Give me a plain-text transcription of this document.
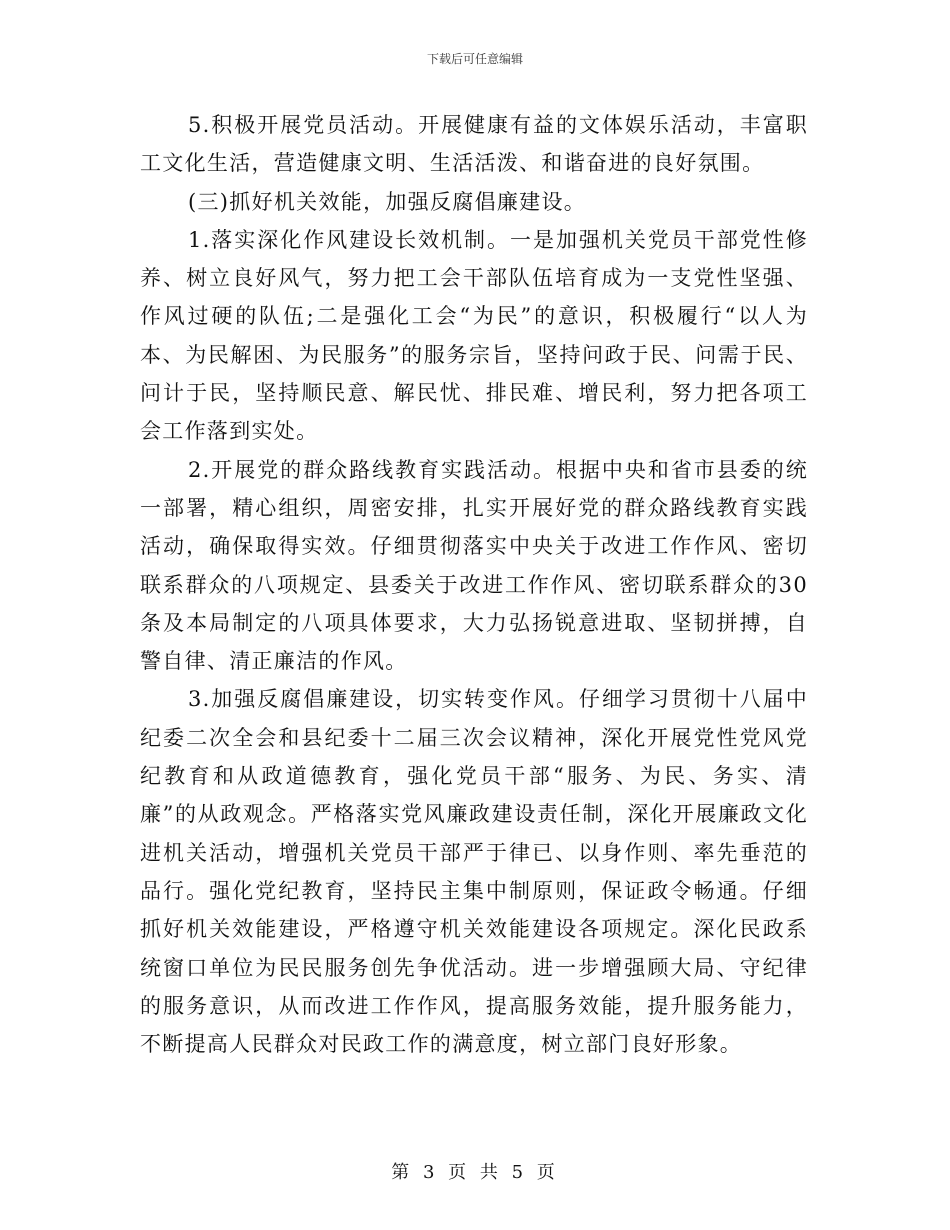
下载后可任意编辑

5.积极开展党员活动。开展健康有益的文体娱乐活动，丰富职工文化生活，营造健康文明、生活活泼、和谐奋进的良好氛围。

(三)抓好机关效能，加强反腐倡廉建设。

1.落实深化作风建设长效机制。一是加强机关党员干部党性修养、树立良好风气，努力把工会干部队伍培育成为一支党性坚强、作风过硬的队伍;二是强化工会“为民”的意识，积极履行“以人为本、为民解困、为民服务”的服务宗旨，坚持问政于民、问需于民、问计于民，坚持顺民意、解民忧、排民难、增民利，努力把各项工会工作落到实处。

2.开展党的群众路线教育实践活动。根据中央和省市县委的统一部署，精心组织，周密安排，扎实开展好党的群众路线教育实践活动，确保取得实效。仔细贯彻落实中央关于改进工作作风、密切联系群众的八项规定、县委关于改进工作作风、密切联系群众的30条及本局制定的八项具体要求，大力弘扬锐意进取、坚韧拼搏，自警自律、清正廉洁的作风。

3.加强反腐倡廉建设，切实转变作风。仔细学习贯彻十八届中纪委二次全会和县纪委十二届三次会议精神，深化开展党性党风党纪教育和从政道德教育，强化党员干部“服务、为民、务实、清廉”的从政观念。严格落实党风廉政建设责任制，深化开展廉政文化进机关活动，增强机关党员干部严于律已、以身作则、率先垂范的品行。强化党纪教育，坚持民主集中制原则，保证政令畅通。仔细抓好机关效能建设，严格遵守机关效能建设各项规定。深化民政系统窗口单位为民民服务创先争优活动。进一步增强顾大局、守纪律的服务意识，从而改进工作作风，提高服务效能，提升服务能力，不断提高人民群众对民政工作的满意度，树立部门良好形象。

第 3 页 共 5 页
